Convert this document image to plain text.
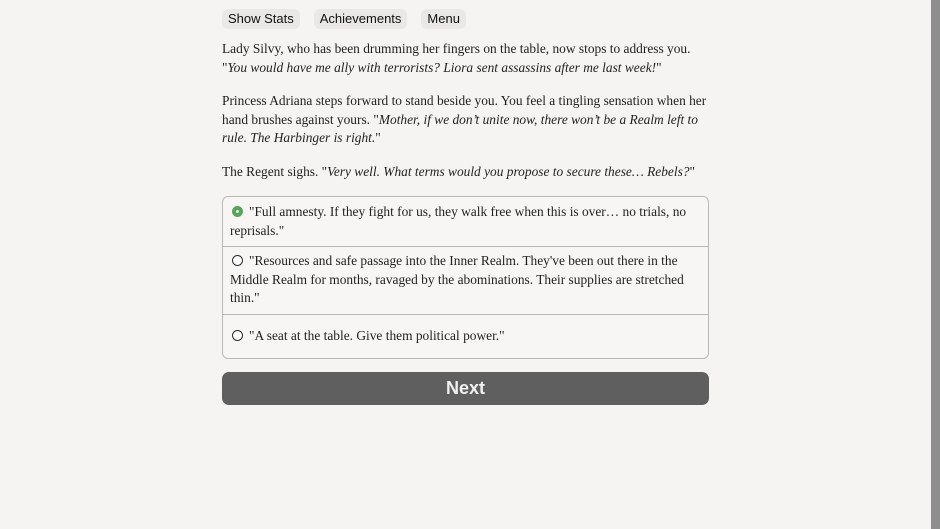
Show Stats	Achievements	Menu

Lady Silvy, who has been drumming her fingers on the table, now stops to address you. "You would have me ally with terrorists? Liora sent assassins after me last week!"

Princess Adriana steps forward to stand beside you. You feel a tingling sensation when her hand brushes against yours. "Mother, if we don’t unite now, there won’t be a Realm left to rule. The Harbinger is right."

The Regent sighs. "Very well. What terms would you propose to secure these… Rebels?"

"Full amnesty. If they fight for us, they walk free when this is over… no trials, no reprisals."
"Resources and safe passage into the Inner Realm. They've been out there in the Middle Realm for months, ravaged by the abominations. Their supplies are stretched thin."
"A seat at the table. Give them political power."
Next
